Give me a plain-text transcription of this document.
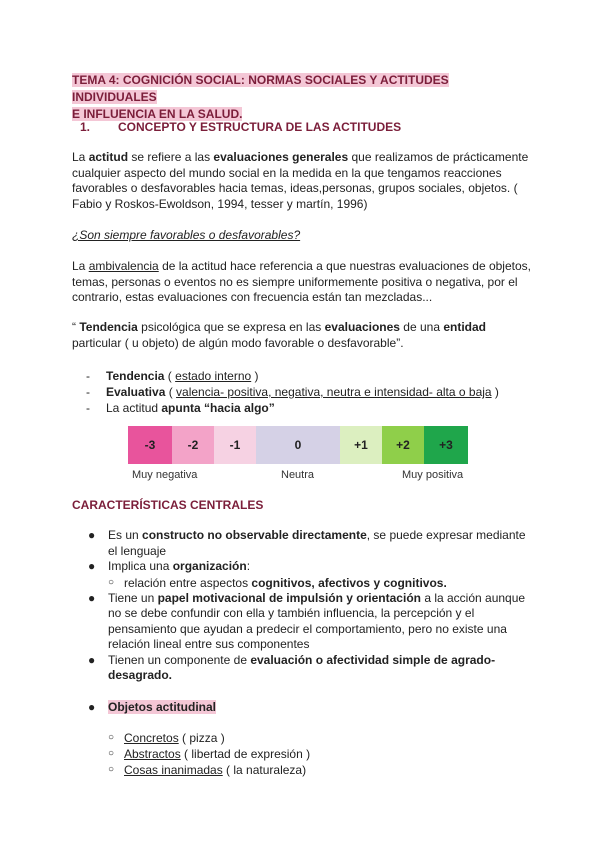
TEMA 4: COGNICIÓN SOCIAL: NORMAS SOCIALES Y ACTITUDES INDIVIDUALES
E INFLUENCIA EN LA SALUD.
1. CONCEPTO Y ESTRUCTURA DE LAS ACTITUDES

La actitud se refiere a las evaluaciones generales que realizamos de prácticamente cualquier aspecto del mundo social en la medida en la que tengamos reacciones favorables o desfavorables hacia temas, ideas,personas, grupos sociales, objetos. ( Fabio y Roskos-Ewoldson, 1994, tesser y martín, 1996)

¿Son siempre favorables o desfavorables?

La ambivalencia de la actitud hace referencia a que nuestras evaluaciones de objetos, temas, personas o eventos no es siempre uniformemente positiva o negativa, por el contrario, estas evaluaciones con frecuencia están tan mezcladas...

“ Tendencia psicológica que se expresa en las evaluaciones de una entidad particular ( u objeto) de algún modo favorable o desfavorable”.

- Tendencia ( estado interno )
- Evaluativa ( valencia- positiva, negativa, neutra e intensidad- alta o baja )
- La actitud apunta “hacia algo”
-3	-2	-1	0	+1	+2	+3
Muy negativa	Neutra	Muy positiva
CARACTERÍSTICAS CENTRALES
● Es un constructo no observable directamente, se puede expresar mediante el lenguaje
● Implica una organización:
○ relación entre aspectos cognitivos, afectivos y cognitivos.
● Tiene un papel motivacional de impulsión y orientación a la acción aunque no se debe confundir con ella y también influencia, la percepción y el pensamiento que ayudan a predecir el comportamiento, pero no existe una relación lineal entre sus componentes
● Tienen un componente de evaluación o afectividad simple de agrado-desagrado.
● Objetos actitudinal
○ Concretos ( pizza )
○ Abstractos ( libertad de expresión )
○ Cosas inanimadas ( la naturaleza)
